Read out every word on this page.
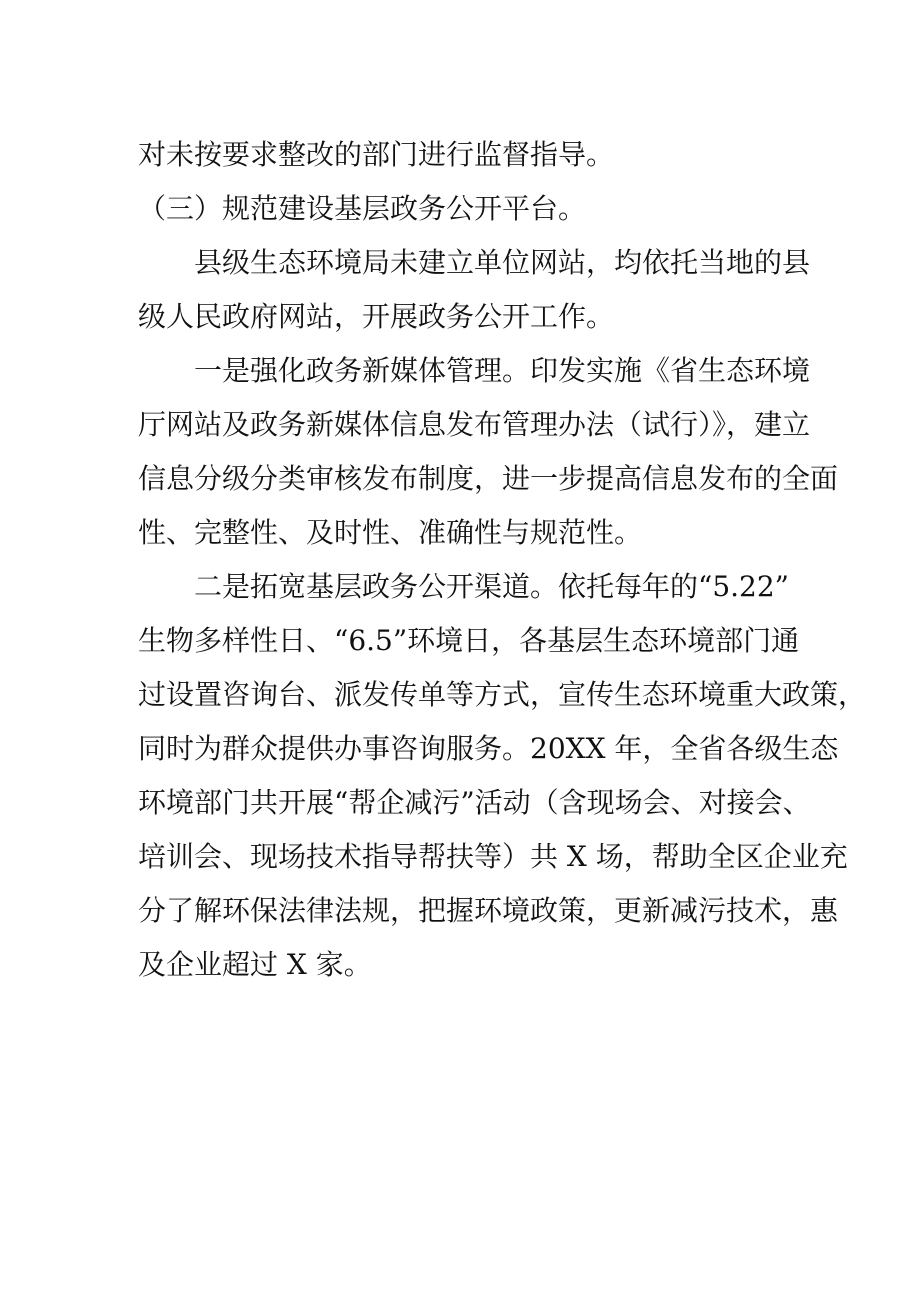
对未按要求整改的部门进行监督指导。

（三）规范建设基层政务公开平台。

县级生态环境局未建立单位网站，均依托当地的县
级人民政府网站，开展政务公开工作。

一是强化政务新媒体管理。印发实施《省生态环境
厅网站及政务新媒体信息发布管理办法（试行）》，建立
信息分级分类审核发布制度，进一步提高信息发布的全面
性、完整性、及时性、准确性与规范性。

二是拓宽基层政务公开渠道。依托每年的“5.22”
生物多样性日、“6.5”环境日，各基层生态环境部门通
过设置咨询台、派发传单等方式，宣传生态环境重大政策，
同时为群众提供办事咨询服务。20XX 年，全省各级生态
环境部门共开展“帮企减污”活动（含现场会、对接会、
培训会、现场技术指导帮扶等）共 X 场，帮助全区企业充
分了解环保法律法规，把握环境政策，更新减污技术，惠
及企业超过 X 家。
